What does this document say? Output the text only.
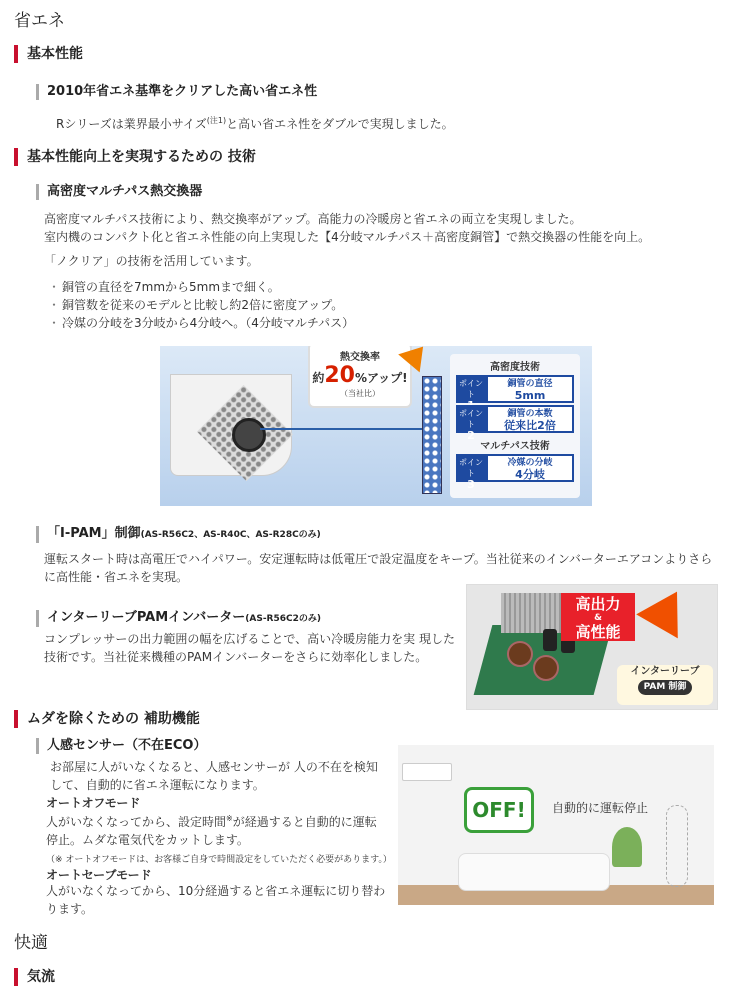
省エネ
基本性能
2010年省エネ基準をクリアした高い省エネ性
Rシリーズは業界最小サイズ$^{(注1)}$と高い省エネ性をダブルで実現しました。
基本性能向上を実現するための 技術
高密度マルチパス熱交換器
高密度マルチパス技術により、熱交換率がアップ。高能力の冷暖房と省エネの両立を実現しました。
室内機のコンパクト化と省エネ性能の向上実現した【4分岐マルチパス＋高密度銅管】で熱交換器の性能を向上。
「ノクリア」の技術を活用しています。
・ 銅管の直径を7mmから5mmまで細く。
・ 銅管数を従来のモデルと比較し約2倍に密度アップ。
・ 冷媒の分岐を3分岐から4分岐へ。（4分岐マルチパス）
熱交換率
約20%アップ!
（当社比）
高密度技術
ポイント
銅管の直径
5mm
ポイント
2
銅管の本数
従来比2倍
マルチパス技術
ポイント
3
冷媒の分岐
4分岐
「I-PAM」制御(AS-R56C2、AS-R40C、AS-R28Cのみ)
運転スタート時は高電圧でハイパワー。安定運転時は低電圧で設定温度をキープ。当社従来のインバーターエアコンよりさら
に高性能・省エネを実現。
インターリーブPAMインバーター(AS-R56C2のみ)
コンプレッサーの出力範囲の幅を広げることで、高い冷暖房能力を実 現した
技術です。当社従来機種のPAMインバーターをさらに効率化しました。
高出力
&
高性能
インターリーブ
PAM 制御
ムダを除くための 補助機能
人感センサー（不在ECO）
お部屋に人がいなくなると、人感センサーが 人の不在を検知
して、自動的に省エネ運転になります。
オートオフモード
人がいなくなってから、設定時間※が経過すると自動的に運転
停止。ムダな電気代をカットします。
（※ オートオフモードは、お客様ご自身で時間設定をしていただく必要があります。）
オートセーブモード
人がいなくなってから、10分経過すると省エネ運転に切り替わ
ります。
OFF!	自動的に運転停止
快適
気流
